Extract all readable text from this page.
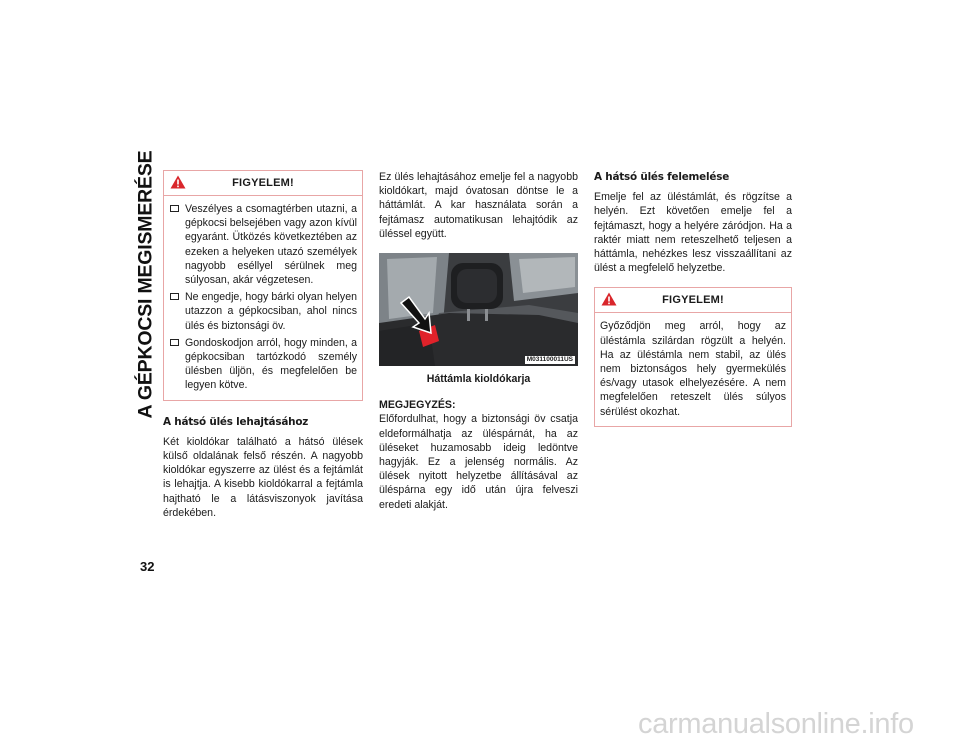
A GÉPKOCSI MEGISMERÉSE
32
FIGYELEM!

Veszélyes a csomagtérben utazni, a gépkocsi belsejében vagy azon kívül egyaránt. Ütközés következtében az ezeken a helyeken utazó személyek nagyobb eséllyel sérülnek meg súlyosan, akár végzetesen.

Ne engedje, hogy bárki olyan helyen utazzon a gépkocsiban, ahol nincs ülés és biztonsági öv.

Gondoskodjon arról, hogy minden, a gépkocsiban tartózkodó személy ülésben üljön, és megfelelően be legyen kötve.

A hátsó ülés lehajtásához

Két kioldókar található a hátsó ülések külső oldalának felső részén. A nagyobb kioldókar egyszerre az ülést és a fejtámlát is lehajtja. A kisebb kioldókarral a fejtámla hajtható le a látásviszonyok javítása érdekében.

Ez ülés lehajtásához emelje fel a nagyobb kioldókart, majd óvatosan döntse le a háttámlát. A kar használata során a fejtámasz automatikusan lehajtódik az üléssel együtt.

M031100011US
Háttámla kioldókarja

MEGJEGYZÉS:

Előfordulhat, hogy a biztonsági öv csatja eldeformálhatja az üléspárnát, ha az üléseket huzamosabb ideig ledöntve hagyják. Ez a jelenség normális. Az ülések nyitott helyzetbe állításával az üléspárna egy idő után újra felveszi eredeti alakját.

A hátsó ülés felemelése

Emelje fel az üléstámlát, és rögzítse a helyén. Ezt követően emelje fel a fejtámaszt, hogy a helyére záródjon. Ha a raktér miatt nem reteszelhető teljesen a háttámla, nehézkes lesz visszaállítani az ülést a megfelelő helyzetbe.

FIGYELEM!

Győződjön meg arról, hogy az üléstámla szilárdan rögzült a helyén. Ha az üléstámla nem stabil, az ülés nem biztonságos hely gyermekülés és/vagy utasok elhelyezésére. A nem megfelelően reteszelt ülés súlyos sérülést okozhat.

carmanualsonline.info
